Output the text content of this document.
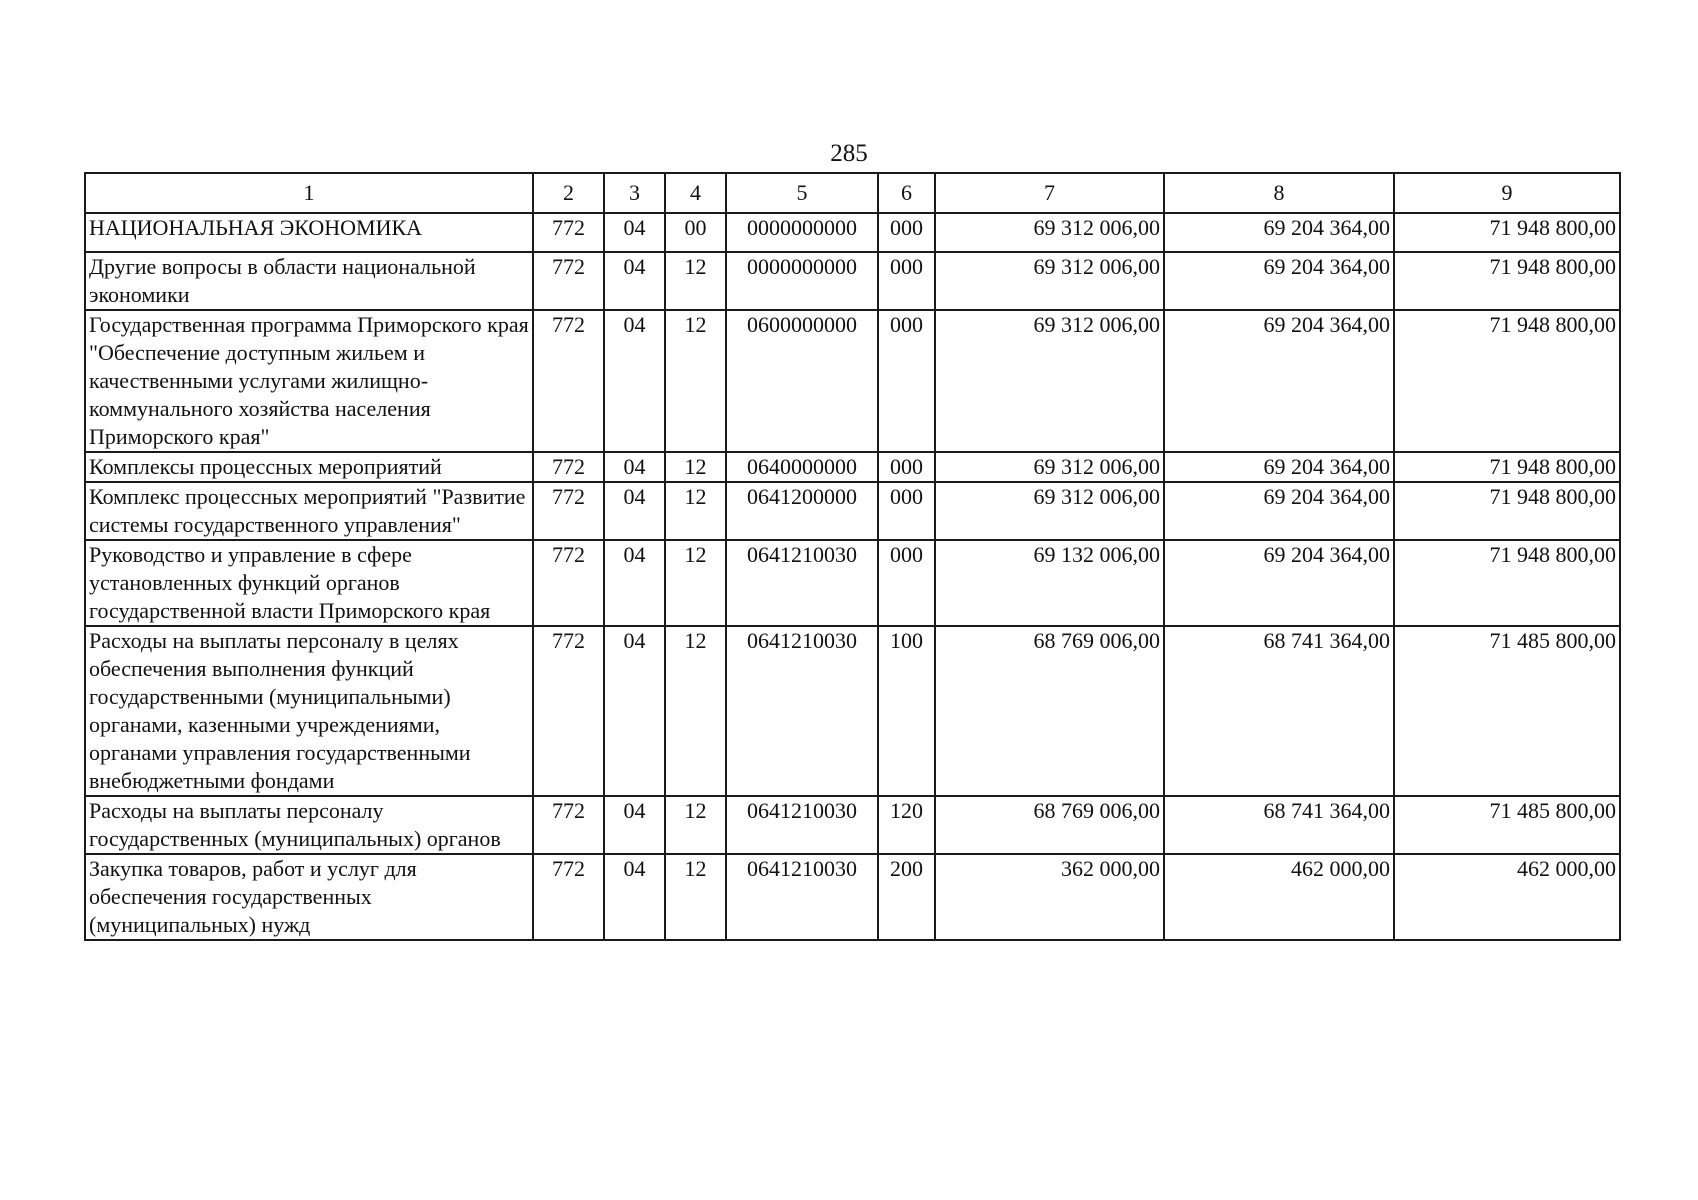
285
1	2	3	4	5	6	7	8	9
НАЦИОНАЛЬНАЯ ЭКОНОМИКА	772	04	00	0000000000	000	69 312 006,00	69 204 364,00	71 948 800,00
Другие вопросы в области национальной экономики	772	04	12	0000000000	000	69 312 006,00	69 204 364,00	71 948 800,00
Государственная программа Приморского края "Обеспечение доступным жильем и качественными услугами жилищно-коммунального хозяйства населения Приморского края"	772	04	12	0600000000	000	69 312 006,00	69 204 364,00	71 948 800,00
Комплексы процессных мероприятий	772	04	12	0640000000	000	69 312 006,00	69 204 364,00	71 948 800,00
Комплекс процессных мероприятий "Развитие системы государственного управления"	772	04	12	0641200000	000	69 312 006,00	69 204 364,00	71 948 800,00
Руководство и управление в сфере установленных функций органов государственной власти Приморского края	772	04	12	0641210030	000	69 132 006,00	69 204 364,00	71 948 800,00
Расходы на выплаты персоналу в целях обеспечения выполнения функций государственными (муниципальными) органами, казенными учреждениями, органами управления государственными внебюджетными фондами	772	04	12	0641210030	100	68 769 006,00	68 741 364,00	71 485 800,00
Расходы на выплаты персоналу государственных (муниципальных) органов	772	04	12	0641210030	120	68 769 006,00	68 741 364,00	71 485 800,00
Закупка товаров, работ и услуг для обеспечения государственных (муниципальных) нужд	772	04	12	0641210030	200	362 000,00	462 000,00	462 000,00
